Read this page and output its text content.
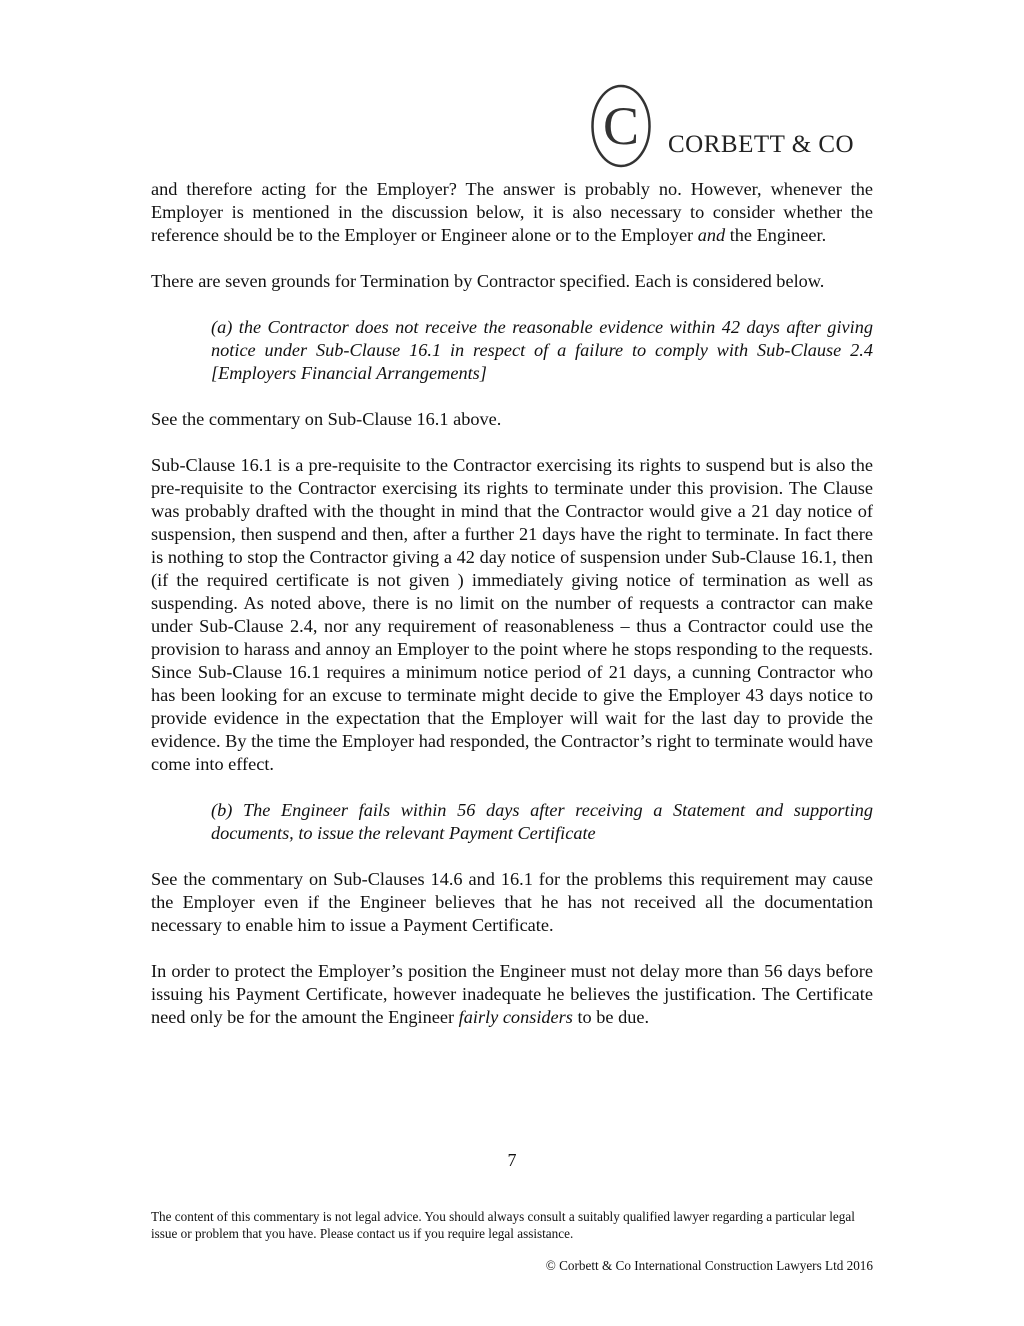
C CORBETT & CO

and therefore acting for the Employer? The answer is probably no. However, whenever the Employer is mentioned in the discussion below, it is also necessary to consider whether the reference should be to the Employer or Engineer alone or to the Employer and the Engineer.

There are seven grounds for Termination by Contractor specified. Each is considered below.

(a) the Contractor does not receive the reasonable evidence within 42 days after giving notice under Sub-Clause 16.1 in respect of a failure to comply with Sub-Clause 2.4 [Employers Financial Arrangements]

See the commentary on Sub-Clause 16.1 above.

Sub-Clause 16.1 is a pre-requisite to the Contractor exercising its rights to suspend but is also the pre-requisite to the Contractor exercising its rights to terminate under this provision. The Clause was probably drafted with the thought in mind that the Contractor would give a 21 day notice of suspension, then suspend and then, after a further 21 days have the right to terminate. In fact there is nothing to stop the Contractor giving a 42 day notice of suspension under Sub-Clause 16.1, then (if the required certificate is not given ) immediately giving notice of termination as well as suspending. As noted above, there is no limit on the number of requests a contractor can make under Sub-Clause 2.4, nor any requirement of reasonableness – thus a Contractor could use the provision to harass and annoy an Employer to the point where he stops responding to the requests. Since Sub-Clause 16.1 requires a minimum notice period of 21 days, a cunning Contractor who has been looking for an excuse to terminate might decide to give the Employer 43 days notice to provide evidence in the expectation that the Employer will wait for the last day to provide the evidence. By the time the Employer had responded, the Contractor’s right to terminate would have come into effect.

(b) The Engineer fails within 56 days after receiving a Statement and supporting documents, to issue the relevant Payment Certificate

See the commentary on Sub-Clauses 14.6 and 16.1 for the problems this requirement may cause the Employer even if the Engineer believes that he has not received all the documentation necessary to enable him to issue a Payment Certificate.

In order to protect the Employer’s position the Engineer must not delay more than 56 days before issuing his Payment Certificate, however inadequate he believes the justification. The Certificate need only be for the amount the Engineer fairly considers to be due.

7
The content of this commentary is not legal advice. You should always consult a suitably qualified lawyer regarding a particular legal issue or problem that you have. Please contact us if you require legal assistance.
© Corbett & Co International Construction Lawyers Ltd 2016
